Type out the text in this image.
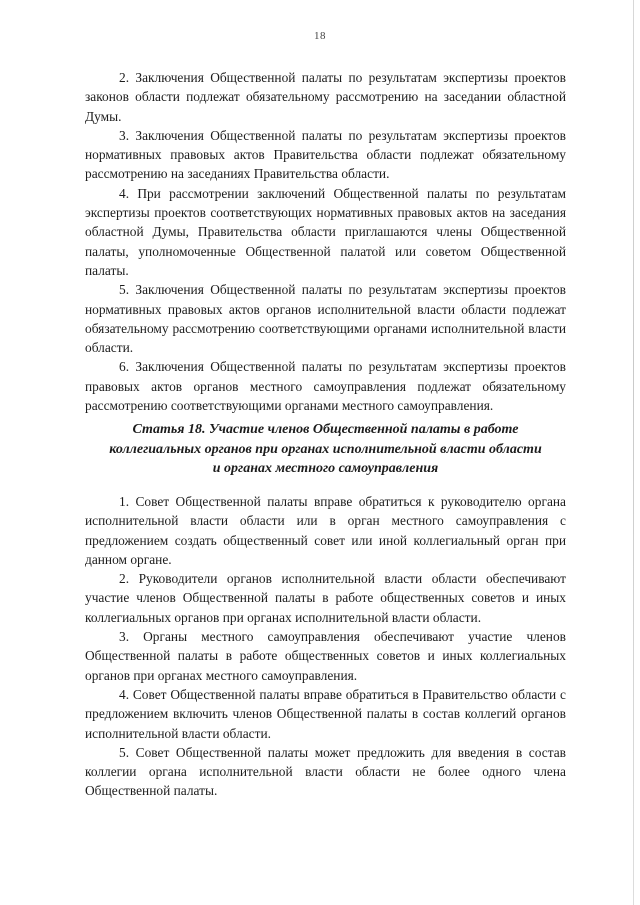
18

2. Заключения Общественной палаты по результатам экспертизы проектов законов области подлежат обязательному рассмотрению на заседании областной Думы.

3. Заключения Общественной палаты по результатам экспертизы проектов нормативных правовых актов Правительства области подлежат обязательному рассмотрению на заседаниях Правительства области.

4. При рассмотрении заключений Общественной палаты по результатам экспертизы проектов соответствующих нормативных правовых актов на заседания областной Думы, Правительства области приглашаются члены Общественной палаты, уполномоченные Общественной палатой или советом Общественной палаты.

5. Заключения Общественной палаты по результатам экспертизы проектов нормативных правовых актов органов исполнительной власти области подлежат обязательному рассмотрению соответствующими органами исполнительной власти области.

6. Заключения Общественной палаты по результатам экспертизы проектов правовых актов органов местного самоуправления подлежат обязательному рассмотрению соответствующими органами местного самоуправления.

Статья 18. Участие членов Общественной палаты в работе
коллегиальных органов при органах исполнительной власти области
и органах местного самоуправления

1. Совет Общественной палаты вправе обратиться к руководителю органа исполнительной власти области или в орган местного самоуправления с предложением создать общественный совет или иной коллегиальный орган при данном органе.

2. Руководители органов исполнительной власти области обеспечивают участие членов Общественной палаты в работе общественных советов и иных коллегиальных органов при органах исполнительной власти области.

3. Органы местного самоуправления обеспечивают участие членов Общественной палаты в работе общественных советов и иных коллегиальных органов при органах местного самоуправления.

4. Совет Общественной палаты вправе обратиться в Правительство области с предложением включить членов Общественной палаты в состав коллегий органов исполнительной власти области.

5. Совет Общественной палаты может предложить для введения в состав коллегии органа исполнительной власти области не более одного члена Общественной палаты.
